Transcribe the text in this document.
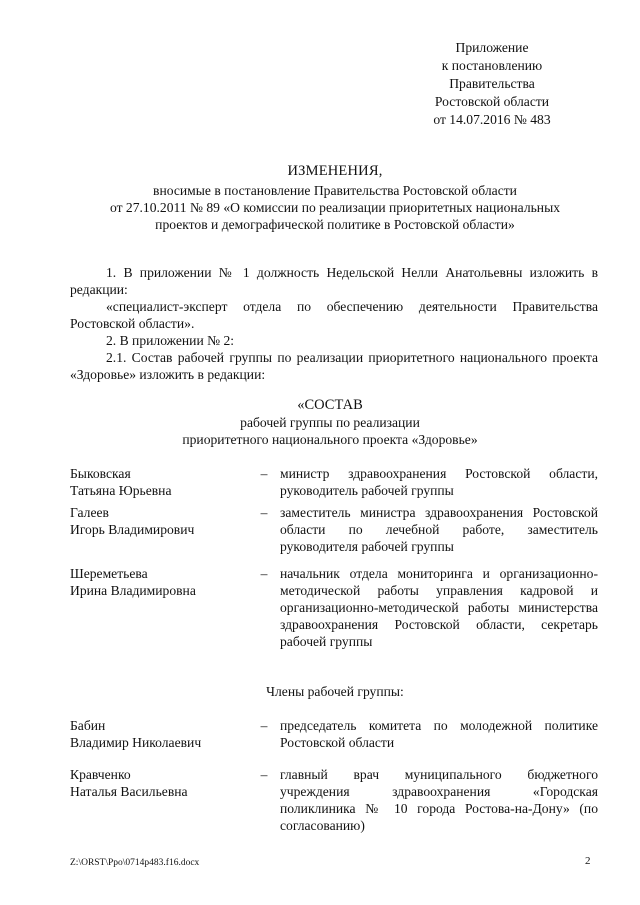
Приложение
к постановлению
Правительства
Ростовской области
от 14.07.2016 № 483
ИЗМЕНЕНИЯ,
вносимые в постановление Правительства Ростовской области
от 27.10.2011 № 89 «О комиссии по реализации приоритетных национальных
проектов и демографической политике в Ростовской области»
1. В приложении № 1 должность Недельской Нелли Анатольевны изложить в редакции:
«специалист-эксперт отдела по обеспечению деятельности Правительства Ростовской области».
2. В приложении № 2:
2.1. Состав рабочей группы по реализации приоритетного национального проекта «Здоровье» изложить в редакции:
«СОСТАВ
рабочей группы по реализации
приоритетного национального проекта «Здоровье»
Быковская
Татьяна Юрьевна
– министр здравоохранения Ростовской области, руководитель рабочей группы
Галеев
Игорь Владимирович
– заместитель министра здравоохранения Ростовской области по лечебной работе, заместитель руководителя рабочей группы
Шереметьева
Ирина Владимировна
– начальник отдела мониторинга и организационно-методической работы управления кадровой и организационно-методической работы министерства здравоохранения Ростовской области, секретарь рабочей группы
Члены рабочей группы:
Бабин
Владимир Николаевич
– председатель комитета по молодежной политике Ростовской области
Кравченко
Наталья Васильевна
– главный врач муниципального бюджетного учреждения здравоохранения «Городская поликлиника № 10 города Ростова-на-Дону» (по согласованию)
Z:\ORST\Ppo\0714p483.f16.docx	2
